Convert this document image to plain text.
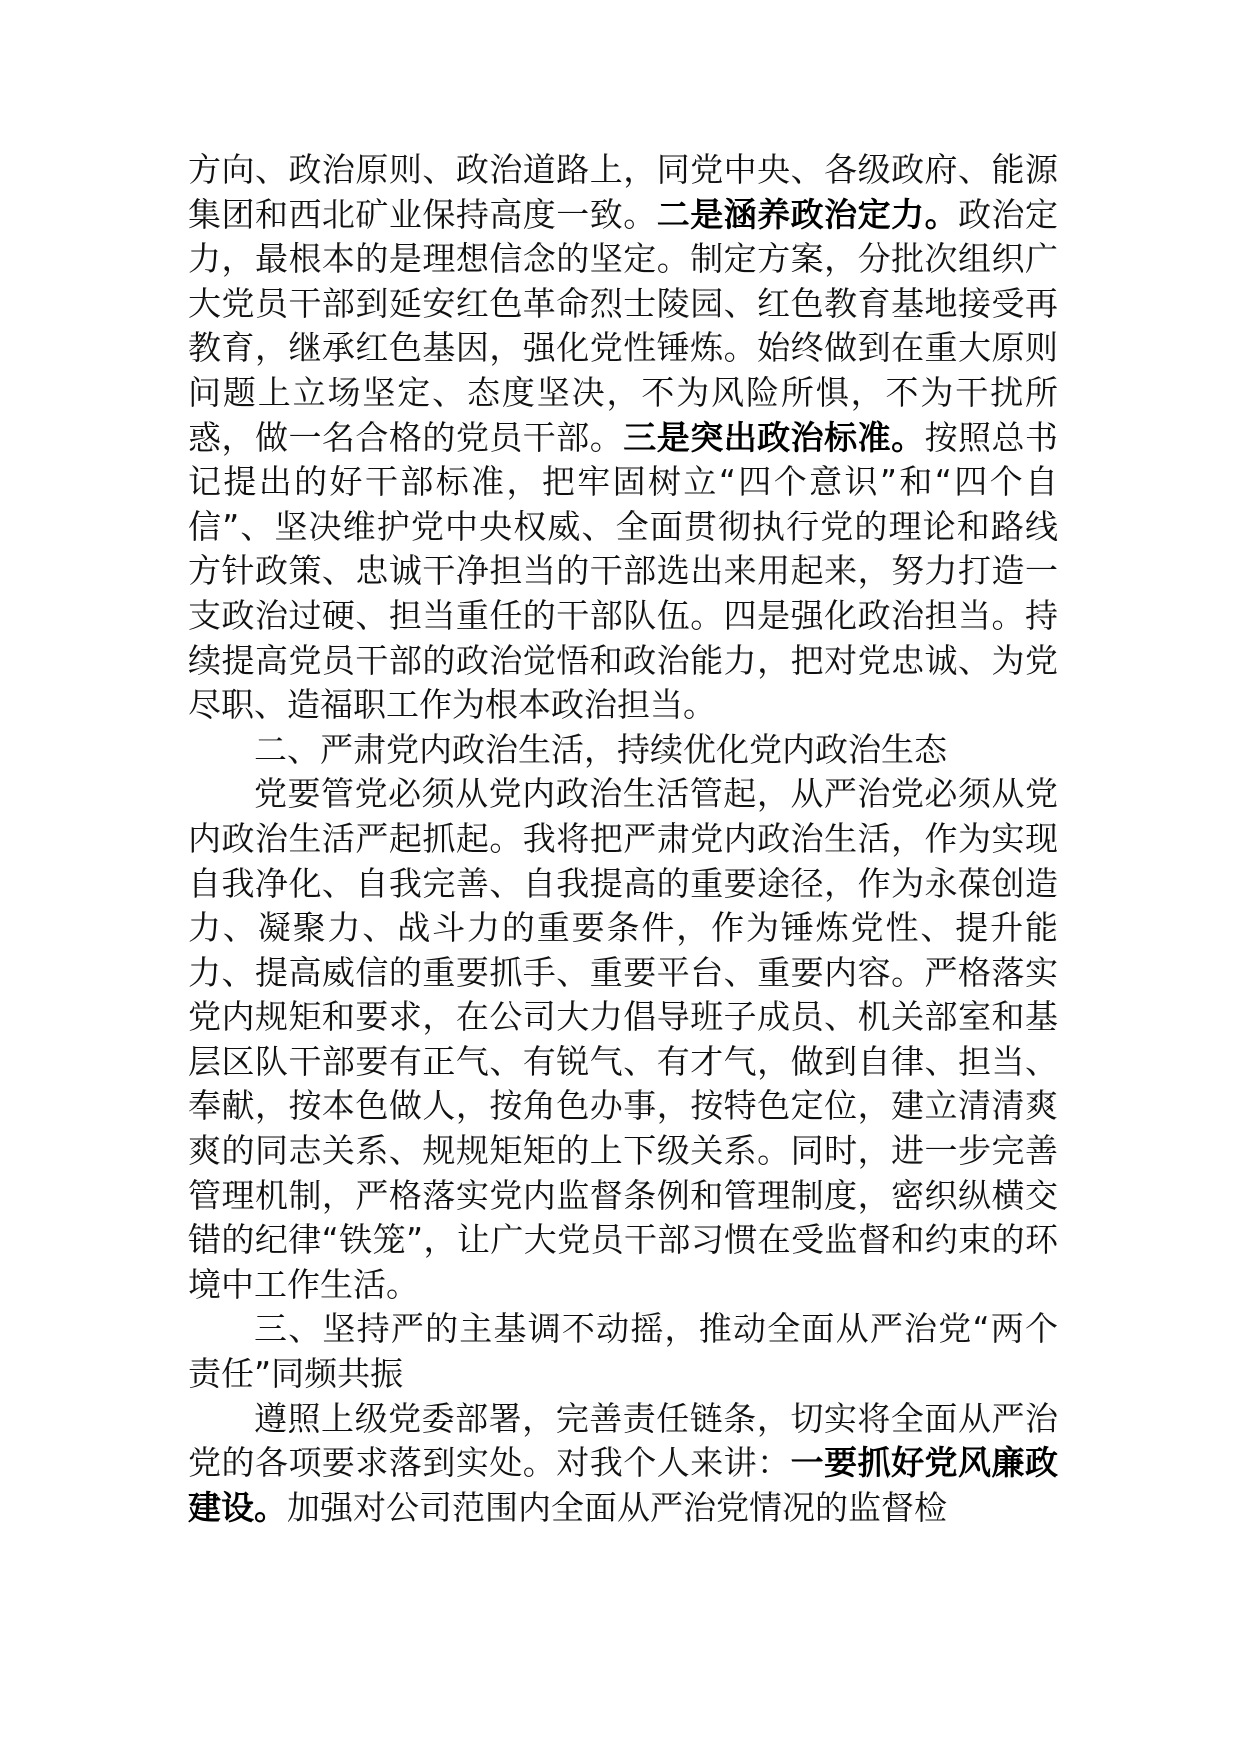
方向、政治原则、政治道路上，同党中央、各级政府、能源集团和西北矿业保持高度一致。二是涵养政治定力。政治定力，最根本的是理想信念的坚定。制定方案，分批次组织广大党员干部到延安红色革命烈士陵园、红色教育基地接受再教育，继承红色基因，强化党性锤炼。始终做到在重大原则问题上立场坚定、态度坚决，不为风险所惧，不为干扰所惑，做一名合格的党员干部。三是突出政治标准。按照总书记提出的好干部标准，把牢固树立“四个意识”和“四个自信”、坚决维护党中央权威、全面贯彻执行党的理论和路线方针政策、忠诚干净担当的干部选出来用起来，努力打造一支政治过硬、担当重任的干部队伍。四是强化政治担当。持续提高党员干部的政治觉悟和政治能力，把对党忠诚、为党尽职、造福职工作为根本政治担当。

二、严肃党内政治生活，持续优化党内政治生态

党要管党必须从党内政治生活管起，从严治党必须从党内政治生活严起抓起。我将把严肃党内政治生活，作为实现自我净化、自我完善、自我提高的重要途径，作为永葆创造力、凝聚力、战斗力的重要条件，作为锤炼党性、提升能力、提高威信的重要抓手、重要平台、重要内容。严格落实党内规矩和要求，在公司大力倡导班子成员、机关部室和基层区队干部要有正气、有锐气、有才气，做到自律、担当、奉献，按本色做人，按角色办事，按特色定位，建立清清爽爽的同志关系、规规矩矩的上下级关系。同时，进一步完善管理机制，严格落实党内监督条例和管理制度，密织纵横交错的纪律“铁笼”，让广大党员干部习惯在受监督和约束的环境中工作生活。

三、坚持严的主基调不动摇，推动全面从严治党“两个责任”同频共振

遵照上级党委部署，完善责任链条，切实将全面从严治党的各项要求落到实处。对我个人来讲：一要抓好党风廉政建设。加强对公司范围内全面从严治党情况的监督检
